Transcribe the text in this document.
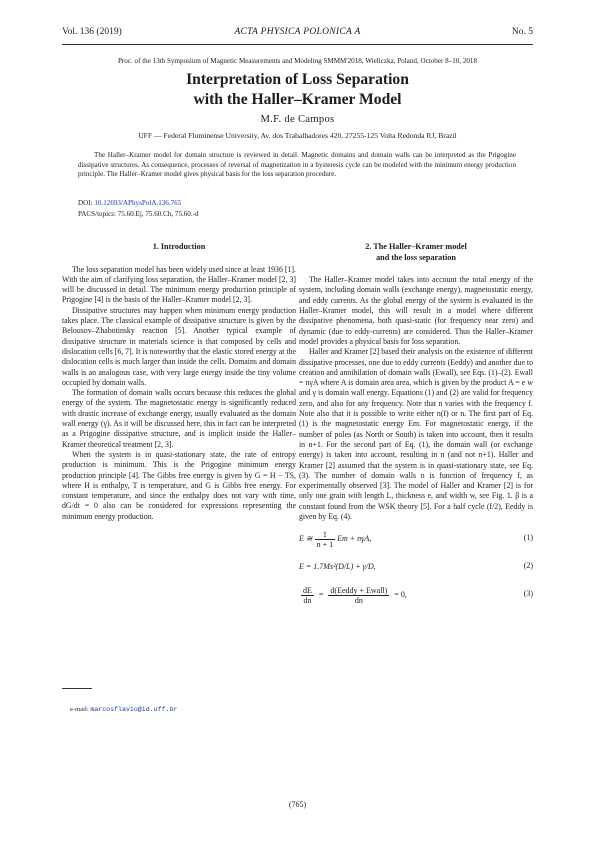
Vol. 136 (2019)	ACTA PHYSICA POLONICA A	No. 5
Proc. of the 13th Symposium of Magnetic Measurements and Modeling SMMM'2018, Wieliczka, Poland, October 8–10, 2018
Interpretation of Loss Separation
with the Haller–Kramer Model
M.F. de Campos
UFF — Federal Fluminense University, Av. dos Trabalhadores 420, 27255-125 Volta Redonda RJ, Brazil
The Haller–Kramer model for domain structure is reviewed in detail. Magnetic domains and domain walls can be interpreted as the Prigogine dissipative structures. As consequence, processes of reversal of magnetization in a hysteresis cycle can be modeled with the minimum energy production principle. The Haller–Kramer model gives physical basis for the loss separation procedure.
DOI: 10.12693/APhysPolA.136.765
PACS/topics: 75.60.Ej, 75.60.Ch, 75.60.-d
1. Introduction

The loss separation model has been widely used since at least 1936 [1]. With the aim of clarifying loss separation, the Haller–Kramer model [2, 3] will be discussed in detail. The minimum energy production principle of Prigogine [4] is the basis of the Haller–Kramer model [2, 3].

Dissipative structures may happen when minimum energy production takes place. The classical example of dissipative structure is given by the Belousov–Zhabotinsky reaction [5]. Another typical example of dissipative structure in materials science is that composed by cells and dislocation cells [6, 7]. It is noteworthy that the elastic stored energy at the dislocation cells is much larger than inside the cells. Domains and domain walls is an analogous case, with very large energy inside the tiny volume occupied by domain walls.

The formation of domain walls occurs because this reduces the global energy of the system. The magnetostatic energy is significantly reduced with drastic increase of exchange energy, usually evaluated as the domain wall energy (γ). As it will be discussed here, this in fact can be interpreted as a Prigogine dissipative structure, and is implicit inside the Haller–Kramer theoretical treatment [2, 3].

When the system is in quasi-stationary state, the rate of entropy production is minimum. This is the Prigogine minimum energy production principle [4]. The Gibbs free energy is given by G = H − TS, where H is enthalpy, T is temperature, and G is Gibbs free energy. For constant temperature, and since the enthalpy does not vary with time, dG/dt = 0 also can be considered for expressions representing the minimum energy production.

2. The Haller–Kramer model
and the loss separation

The Haller–Kramer model takes into account the total energy of the system, including domain walls (exchange energy), magnetostatic energy, and eddy currents. As the global energy of the system is evaluated in the Haller–Kramer model, this will result in a model where different dissipative phenomena, both quasi-static (for frequency near zero) and dynamic (due to eddy-currents) are considered. Thus the Haller–Kramer model provides a physical basis for loss separation.

Haller and Kramer [2] based their analysis on the existence of different dissipative processes, one due to eddy currents (Eeddy) and another due to creation and annihilation of domain walls (Ewall), see Eqs. (1)–(2). Ewall = nγA where A is domain area area, which is given by the product A = e w and γ is domain wall energy. Equations (1) and (2) are valid for frequency zero, and also for any frequency. Note that n varies with the frequency f. Note also that it is possible to write either n(f) or n. The first part of Eq. (1) is the magnetostatic energy Em. For magnetostatic energy, if the number of poles (as North or South) is taken into account, then it results in n+1. For the second part of Eq. (1), the domain wall (or exchange energy) is taken into account, resulting in n (and not n+1). Haller and Kramer [2] assumed that the system is in quasi-stationary state, see Eq. (3). The number of domain walls n is function of frequency f, as experimentally observed [3]. The model of Haller and Kramer [2] is for only one grain with length L, thickness e, and width w, see Fig. 1. β is a constant found from the WSK theory [5]. For a half cycle (f/2), Eeddy is given by Eq. (4).

E ≅ $\frac{1}{n + 1}$ Em + nγA,	(1)
E = 1.7Ms²(D/L) + γ/D,	(2)
$\frac{dE}{dn} = \frac{\text{d(Eeddy + Ewall)}}{dn} = 0$,	(3)
e-mail: marcosflavio@id.uff.br
(765)
